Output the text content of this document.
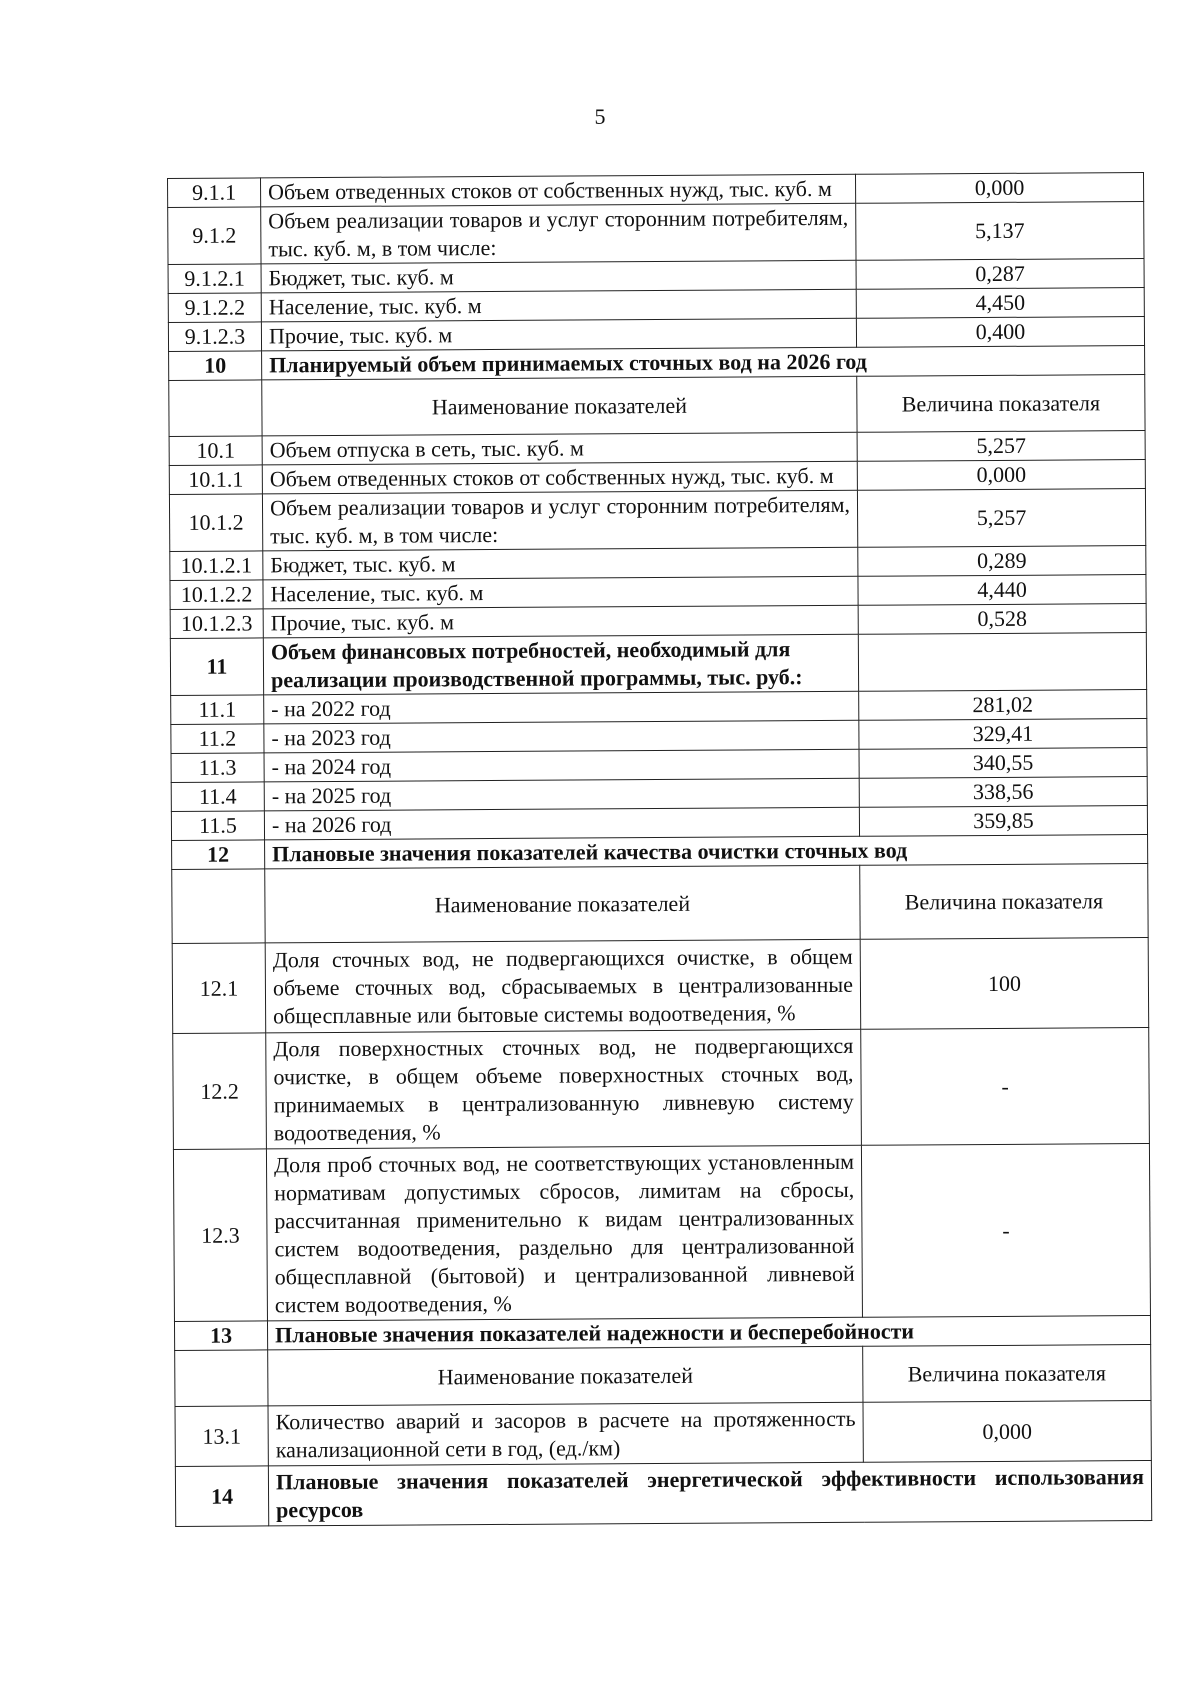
5
9.1.1	Объем отведенных стоков от собственных нужд, тыс. куб. м	0,000
9.1.2	Объем реализации товаров и услуг сторонним потребителям, тыс. куб. м, в том числе:	5,137
9.1.2.1	Бюджет, тыс. куб. м	0,287
9.1.2.2	Население, тыс. куб. м	4,450
9.1.2.3	Прочие, тыс. куб. м	0,400
10	Планируемый объем принимаемых сточных вод на 2026 год	
	Наименование показателей	Величина показателя
10.1	Объем отпуска в сеть, тыс. куб. м	5,257
10.1.1	Объем отведенных стоков от собственных нужд, тыс. куб. м	0,000
10.1.2	Объем реализации товаров и услуг сторонним потребителям, тыс. куб. м, в том числе:	5,257
10.1.2.1	Бюджет, тыс. куб. м	0,289
10.1.2.2	Население, тыс. куб. м	4,440
10.1.2.3	Прочие, тыс. куб. м	0,528
11	Объем финансовых потребностей, необходимый для реализации производственной программы, тыс. руб.:	
11.1	- на 2022 год	281,02
11.2	- на 2023 год	329,41
11.3	- на 2024 год	340,55
11.4	- на 2025 год	338,56
11.5	- на 2026 год	359,85
12	Плановые значения показателей качества очистки сточных вод	
	Наименование показателей	Величина показателя
12.1	Доля сточных вод, не подвергающихся очистке, в общем объеме сточных вод, сбрасываемых в централизованные общесплавные или бытовые системы водоотведения, %	100
12.2	Доля поверхностных сточных вод, не подвергающихся очистке, в общем объеме поверхностных сточных вод, принимаемых в централизованную ливневую систему водоотведения, %	-
12.3	Доля проб сточных вод, не соответствующих установленным нормативам допустимых сбросов, лимитам на сбросы, рассчитанная применительно к видам централизованных систем водоотведения, раздельно для централизованной общесплавной (бытовой) и централизованной ливневой систем водоотведения, %	-
13	Плановые значения показателей надежности и бесперебойности	
	Наименование показателей	Величина показателя
13.1	Количество аварий и засоров в расчете на протяженность канализационной сети в год, (ед./км)	0,000
14	Плановые значения показателей энергетической эффективности использования ресурсов	
